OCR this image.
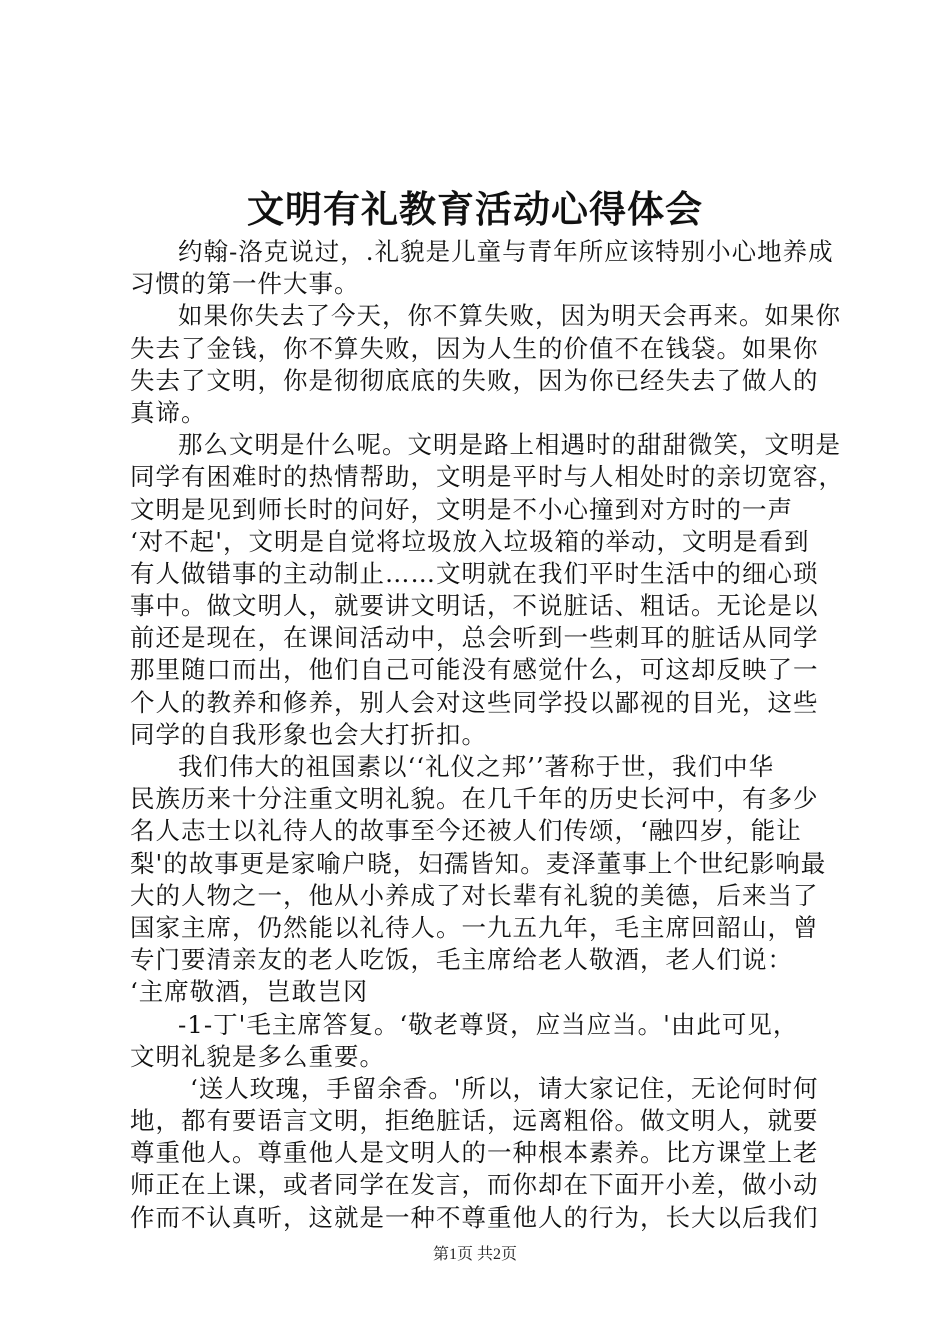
文明有礼教育活动心得体会
约翰-洛克说过，.礼貌是儿童与青年所应该特别小心地养成
习惯的第一件大事。
如果你失去了今天，你不算失败，因为明天会再来。如果你
失去了金钱，你不算失败，因为人生的价值不在钱袋。如果你
失去了文明，你是彻彻底底的失败，因为你已经失去了做人的
真谛。
那么文明是什么呢。文明是路上相遇时的甜甜微笑，文明是
同学有困难时的热情帮助，文明是平时与人相处时的亲切宽容，
文明是见到师长时的问好，文明是不小心撞到对方时的一声
‘对不起'，文明是自觉将垃圾放入垃圾箱的举动，文明是看到
有人做错事的主动制止……文明就在我们平时生活中的细心琐
事中。做文明人，就要讲文明话，不说脏话、粗话。无论是以
前还是现在，在课间活动中，总会听到一些刺耳的脏话从同学
那里随口而出，他们自己可能没有感觉什么，可这却反映了一
个人的教养和修养，别人会对这些同学投以鄙视的目光，这些
同学的自我形象也会大打折扣。
我们伟大的祖国素以‘‘礼仪之邦’’著称于世，我们中华
民族历来十分注重文明礼貌。在几千年的历史长河中，有多少
名人志士以礼待人的故事至今还被人们传颂，‘融四岁，能让
梨'的故事更是家喻户晓，妇孺皆知。麦泽董事上个世纪影响最
大的人物之一，他从小养成了对长辈有礼貌的美德，后来当了
国家主席，仍然能以礼待人。一九五九年，毛主席回韶山，曾
专门要清亲友的老人吃饭，毛主席给老人敬酒，老人们说：
‘主席敬酒，岂敢岂冈
-1-丁'毛主席答复。‘敬老尊贤，应当应当。'由此可见，
文明礼貌是多么重要。
‘送人玫瑰，手留余香。'所以，请大家记住，无论何时何
地，都有要语言文明，拒绝脏话，远离粗俗。做文明人，就要
尊重他人。尊重他人是文明人的一种根本素养。比方课堂上老
师正在上课，或者同学在发言，而你却在下面开小差，做小动
作而不认真听，这就是一种不尊重他人的行为，长大以后我们
第1页 共2页
